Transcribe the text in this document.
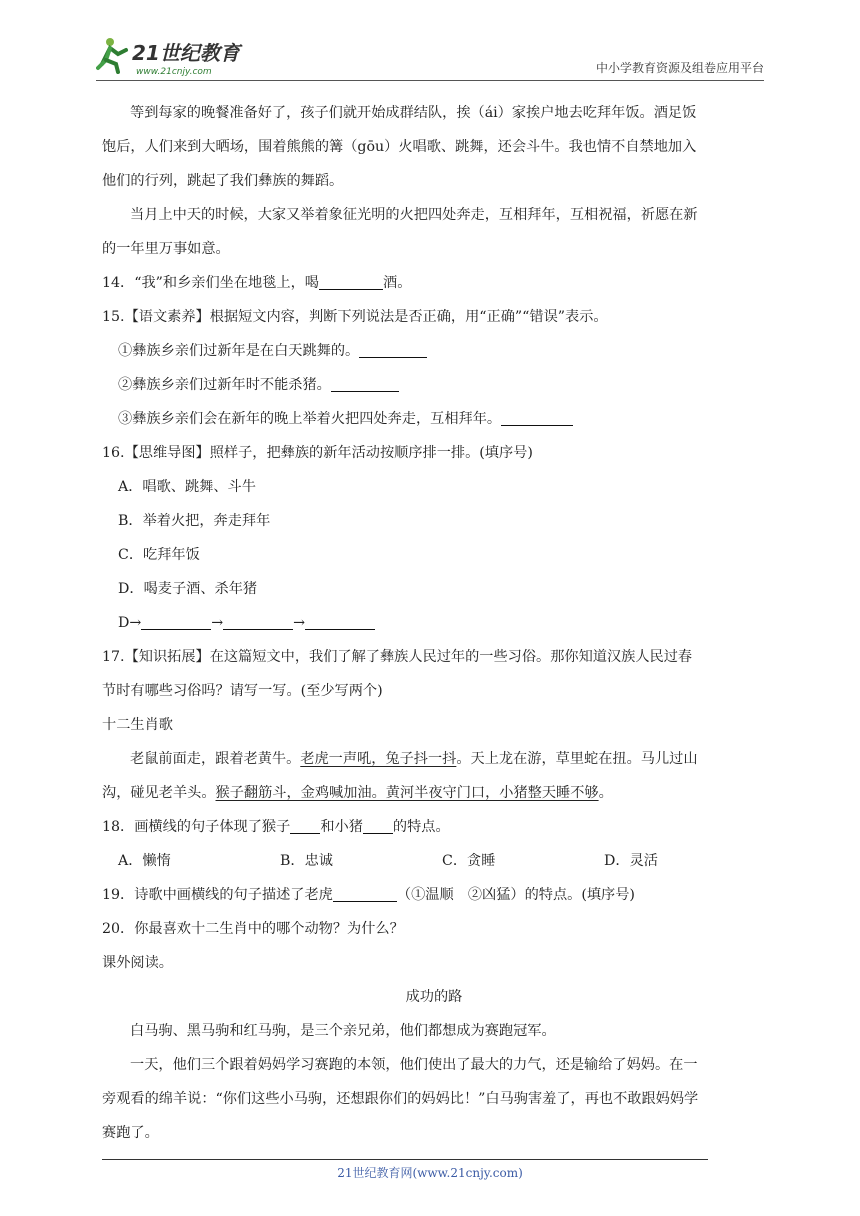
21世纪教育
www.21cnjy.com	中小学教育资源及组卷应用平台
等到每家的晚餐准备好了，孩子们就开始成群结队，挨（ái）家挨户地去吃拜年饭。酒足饭
饱后，人们来到大晒场，围着熊熊的篝（gōu）火唱歌、跳舞，还会斗牛。我也情不自禁地加入
他们的行列，跳起了我们彝族的舞蹈。
当月上中天的时候，大家又举着象征光明的火把四处奔走，互相拜年，互相祝福，祈愿在新
的一年里万事如意。
14．“我”和乡亲们坐在地毯上，喝	酒。
15.【语文素养】根据短文内容，判断下列说法是否正确，用“正确”“错误”表示。
①彝族乡亲们过新年是在白天跳舞的。
②彝族乡亲们过新年时不能杀猪。
③彝族乡亲们会在新年的晚上举着火把四处奔走，互相拜年。
16.【思维导图】照样子，把彝族的新年活动按顺序排一排。(填序号)
A．唱歌、跳舞、斗牛
B．举着火把，奔走拜年
C．吃拜年饭
D．喝麦子酒、杀年猪
D→	→	→
17.【知识拓展】在这篇短文中，我们了解了彝族人民过年的一些习俗。那你知道汉族人民过春
节时有哪些习俗吗？请写一写。(至少写两个)
十二生肖歌
老鼠前面走，跟着老黄牛。老虎一声吼，兔子抖一抖。天上龙在游，草里蛇在扭。马儿过山
沟，碰见老羊头。猴子翻筋斗，金鸡喊加油。黄河半夜守门口，小猪整天睡不够。
18．画横线的句子体现了猴子 和小猪 的特点。
A．懒惰	B．忠诚	C．贪睡	D．灵活
19．诗歌中画横线的句子描述了老虎	（①温顺　②凶猛）的特点。(填序号)
20．你最喜欢十二生肖中的哪个动物？为什么？
课外阅读。
成功的路
白马驹、黑马驹和红马驹，是三个亲兄弟，他们都想成为赛跑冠军。
一天，他们三个跟着妈妈学习赛跑的本领，他们使出了最大的力气，还是输给了妈妈。在一
旁观看的绵羊说：“你们这些小马驹，还想跟你们的妈妈比！”白马驹害羞了，再也不敢跟妈妈学
赛跑了。
21世纪教育网(www.21cnjy.com)
